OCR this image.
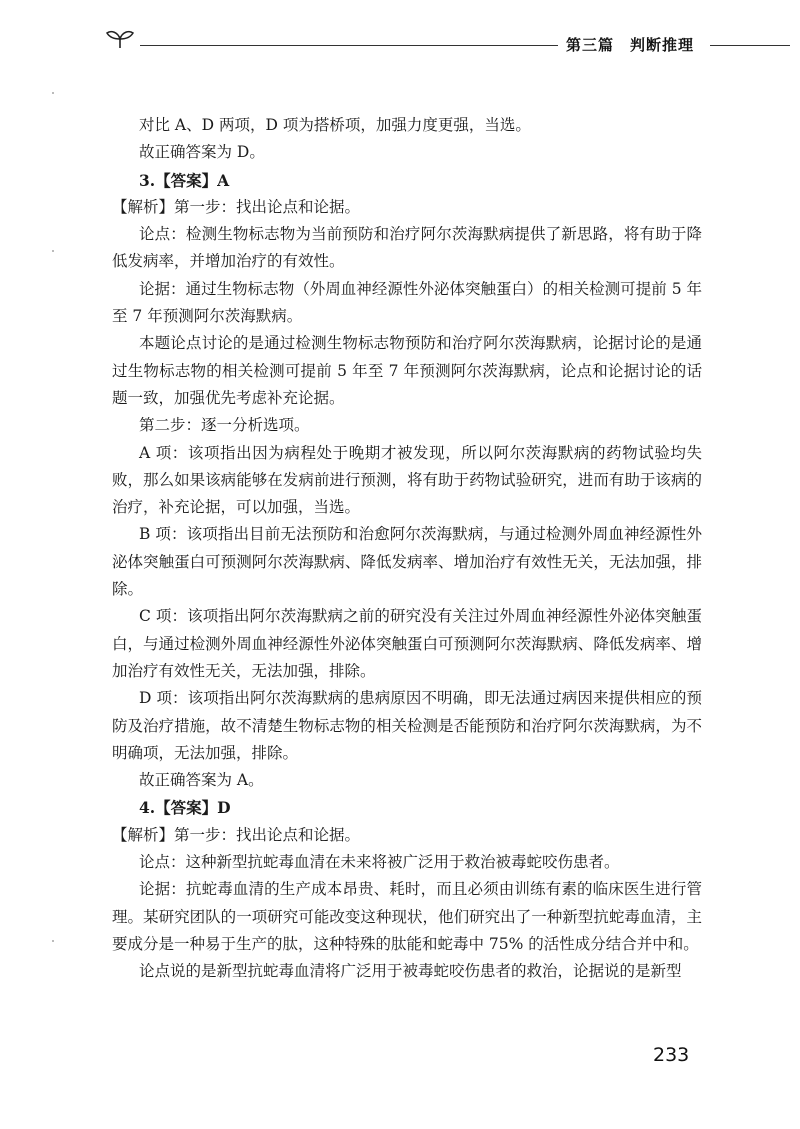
第三篇　判断推理

对比 A、D 两项，D 项为搭桥项，加强力度更强，当选。

故正确答案为 D。

3.【答案】A

【解析】第一步：找出论点和论据。

论点：检测生物标志物为当前预防和治疗阿尔茨海默病提供了新思路，将有助于降低发病率，并增加治疗的有效性。

论据：通过生物标志物（外周血神经源性外泌体突触蛋白）的相关检测可提前 5 年至 7 年预测阿尔茨海默病。

本题论点讨论的是通过检测生物标志物预防和治疗阿尔茨海默病，论据讨论的是通过生物标志物的相关检测可提前 5 年至 7 年预测阿尔茨海默病，论点和论据讨论的话题一致，加强优先考虑补充论据。

第二步：逐一分析选项。

A 项：该项指出因为病程处于晚期才被发现，所以阿尔茨海默病的药物试验均失败，那么如果该病能够在发病前进行预测，将有助于药物试验研究，进而有助于该病的治疗，补充论据，可以加强，当选。

B 项：该项指出目前无法预防和治愈阿尔茨海默病，与通过检测外周血神经源性外泌体突触蛋白可预测阿尔茨海默病、降低发病率、增加治疗有效性无关，无法加强，排除。

C 项：该项指出阿尔茨海默病之前的研究没有关注过外周血神经源性外泌体突触蛋白，与通过检测外周血神经源性外泌体突触蛋白可预测阿尔茨海默病、降低发病率、增加治疗有效性无关，无法加强，排除。

D 项：该项指出阿尔茨海默病的患病原因不明确，即无法通过病因来提供相应的预防及治疗措施，故不清楚生物标志物的相关检测是否能预防和治疗阿尔茨海默病，为不明确项，无法加强，排除。

故正确答案为 A。

4.【答案】D

【解析】第一步：找出论点和论据。

论点：这种新型抗蛇毒血清在未来将被广泛用于救治被毒蛇咬伤患者。

论据：抗蛇毒血清的生产成本昂贵、耗时，而且必须由训练有素的临床医生进行管理。某研究团队的一项研究可能改变这种现状，他们研究出了一种新型抗蛇毒血清，主要成分是一种易于生产的肽，这种特殊的肽能和蛇毒中 75% 的活性成分结合并中和。

论点说的是新型抗蛇毒血清将广泛用于被毒蛇咬伤患者的救治，论据说的是新型

233
